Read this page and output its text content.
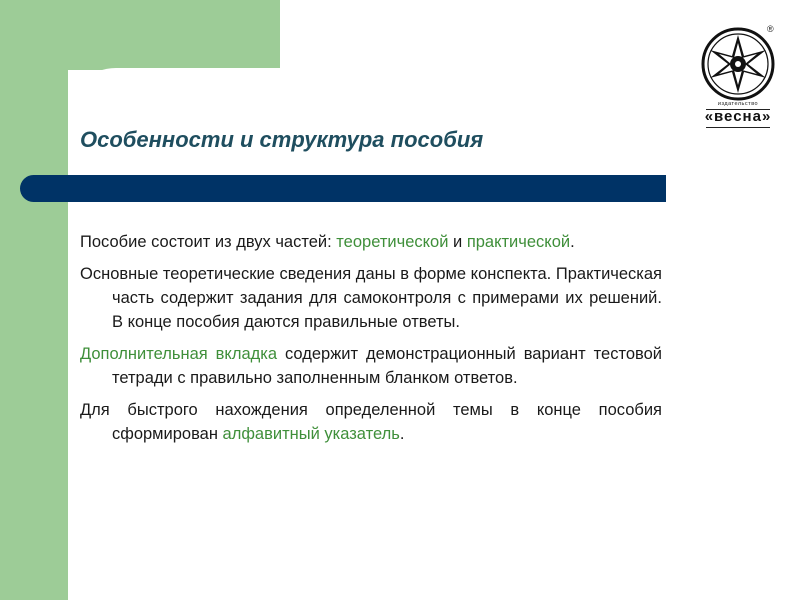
®
издательство
«весна»
Особенности и структура пособия

Пособие состоит из двух частей: теоретической и практической.

Основные теоретические сведения даны в форме конспекта. Практическая часть содержит задания для самоконтроля с примерами их решений. В конце пособия даются правильные ответы.

Дополнительная вкладка содержит демонстрационный вариант тестовой тетради с правильно заполненным бланком ответов.

Для быстрого нахождения определенной темы в конце пособия сформирован алфавитный указатель.
